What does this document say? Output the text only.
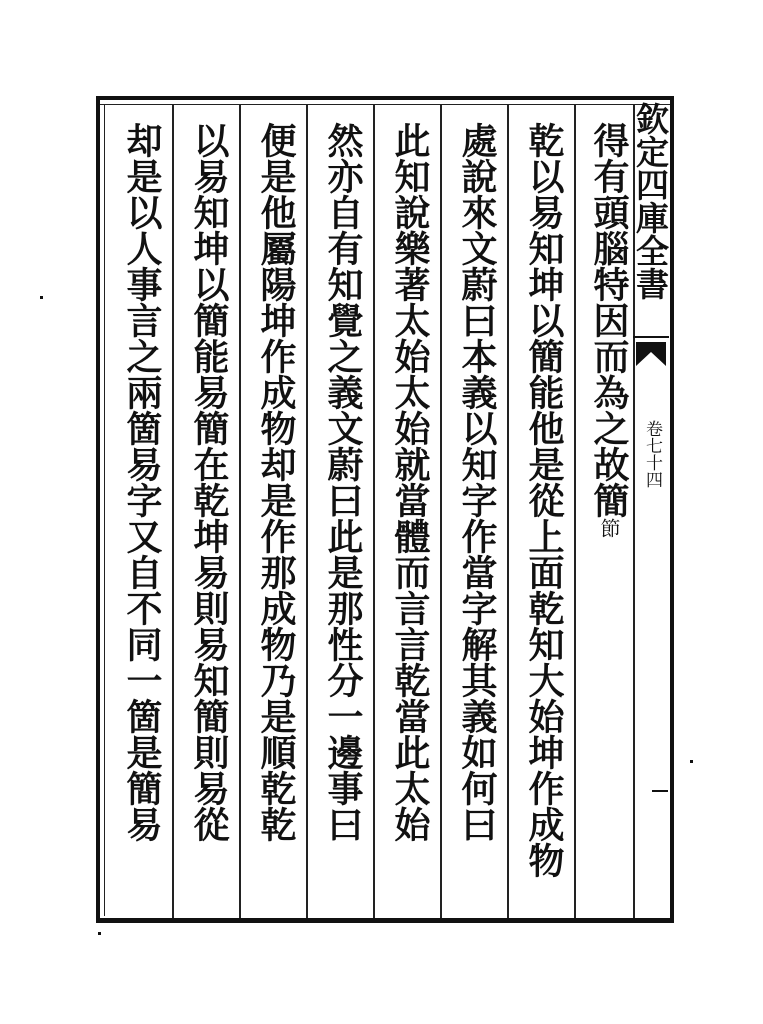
欽定四庫全書
卷七十四
得有頭腦特因而為之故簡節
乾以易知坤以簡能他是從上面乾知大始坤作成物
處說來文蔚曰本義以知字作當字解其義如何曰
此知說樂著太始太始就當體而言言乾當此太始
然亦自有知覺之義文蔚曰此是那性分一邊事曰
便是他屬陽坤作成物却是作那成物乃是順乾乾
以易知坤以簡能易簡在乾坤易則易知簡則易從
却是以人事言之兩箇易字又自不同一箇是簡易
